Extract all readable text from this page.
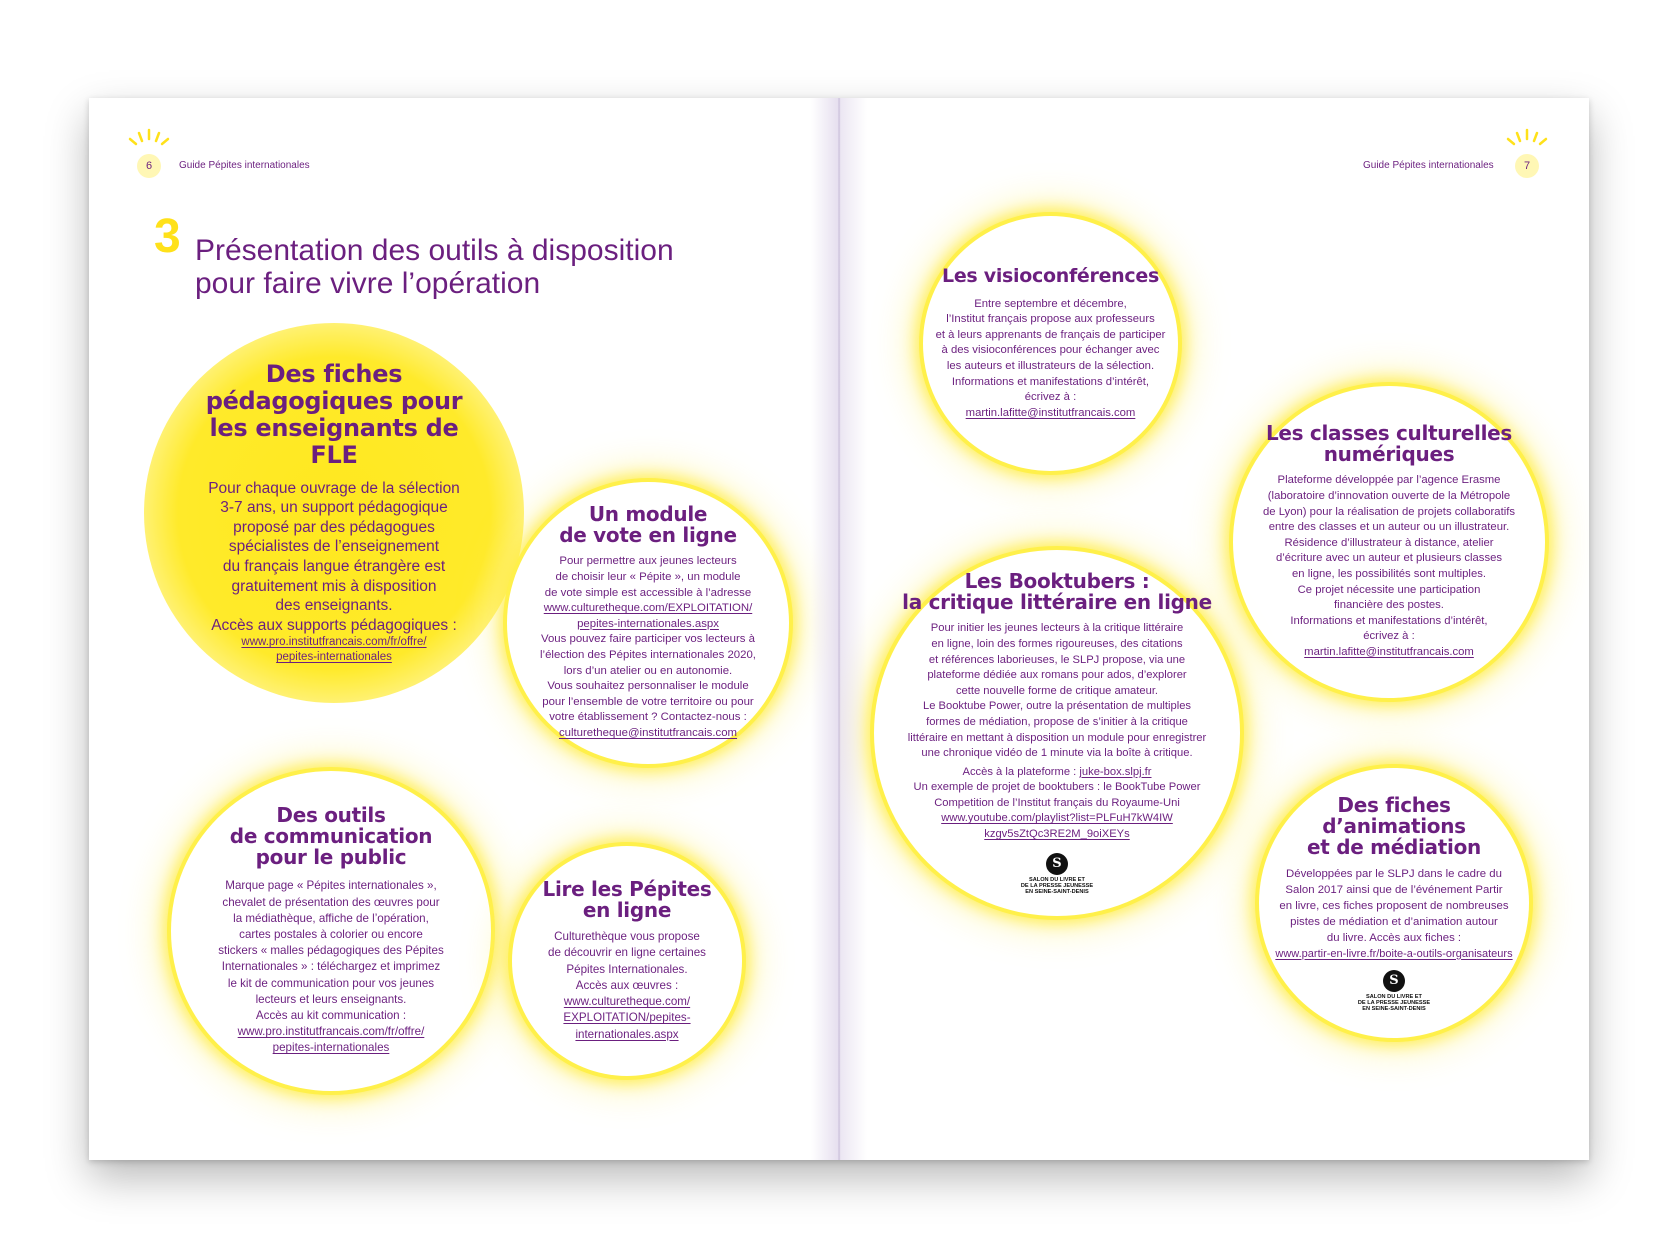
6	Guide Pépites internationales
3 Présentation des outils à disposition
pour faire vivre l’opération
Des fiches
pédagogiques pour
les enseignants de FLE

Pour chaque ouvrage de la sélection
3-7 ans, un support pédagogique
proposé par des pédagogues
spécialistes de l’enseignement
du français langue étrangère est
gratuitement mis à disposition
des enseignants.
Accès aux supports pédagogiques :

www.pro.institutfrancais.com/fr/offre/
pepites-internationales

Un module
de vote en ligne

Pour permettre aux jeunes lecteurs
de choisir leur « Pépite », un module
de vote simple est accessible à l’adresse
www.culturetheque.com/EXPLOITATION/
pepites-internationales.aspx
Vous pouvez faire participer vos lecteurs à
l’élection des Pépites internationales 2020,
lors d’un atelier ou en autonomie.
Vous souhaitez personnaliser le module
pour l’ensemble de votre territoire ou pour
votre établissement ? Contactez-nous :
culturetheque@institutfrancais.com

Des outils
de communication
pour le public

Marque page « Pépites internationales »,
chevalet de présentation des œuvres pour
la médiathèque, affiche de l’opération,
cartes postales à colorier ou encore
stickers « malles pédagogiques des Pépites
Internationales » : téléchargez et imprimez
le kit de communication pour vos jeunes
lecteurs et leurs enseignants.
Accès au kit communication :
www.pro.institutfrancais.com/fr/offre/
pepites-internationales

Lire les Pépites
en ligne

Culturethèque vous propose
de découvrir en ligne certaines
Pépites Internationales.
Accès aux œuvres :
www.culturetheque.com/
EXPLOITATION/pepites-
internationales.aspx

Guide Pépites internationales	7
Les visioconférences

Entre septembre et décembre,
l’Institut français propose aux professeurs
et à leurs apprenants de français de participer
à des visioconférences pour échanger avec
les auteurs et illustrateurs de la sélection.
Informations et manifestations d’intérêt,
écrivez à :
martin.lafitte@institutfrancais.com

Les classes culturelles
numériques

Plateforme développée par l’agence Erasme
(laboratoire d’innovation ouverte de la Métropole
de Lyon) pour la réalisation de projets collaboratifs
entre des classes et un auteur ou un illustrateur.
Résidence d’illustrateur à distance, atelier
d’écriture avec un auteur et plusieurs classes
en ligne, les possibilités sont multiples.
Ce projet nécessite une participation
financière des postes.
Informations et manifestations d’intérêt,
écrivez à :
martin.lafitte@institutfrancais.com

Les Booktubers :
la critique littéraire en ligne

Pour initier les jeunes lecteurs à la critique littéraire
en ligne, loin des formes rigoureuses, des citations
et références laborieuses, le SLPJ propose, via une
plateforme dédiée aux romans pour ados, d’explorer
cette nouvelle forme de critique amateur.
Le Booktube Power, outre la présentation de multiples
formes de médiation, propose de s’initier à la critique
littéraire en mettant à disposition un module pour enregistrer
une chronique vidéo de 1 minute via la boîte à critique.

Accès à la plateforme : juke-box.slpj.fr
Un exemple de projet de booktubers : le BookTube Power
Competition de l’Institut français du Royaume-Uni
www.youtube.com/playlist?list=PLFuH7kW4IW
kzgv5sZtQc3RE2M_9oiXEYs

S
SALON DU LIVRE ET
DE LA PRESSE JEUNESSE
EN SEINE-SAINT-DENIS
Des fiches
d’animations
et de médiation

Développées par le SLPJ dans le cadre du
Salon 2017 ainsi que de l’événement Partir
en livre, ces fiches proposent de nombreuses
pistes de médiation et d’animation autour
du livre. Accès aux fiches :
www.partir-en-livre.fr/boite-a-outils-organisateurs

S
SALON DU LIVRE ET
DE LA PRESSE JEUNESSE
EN SEINE-SAINT-DENIS
